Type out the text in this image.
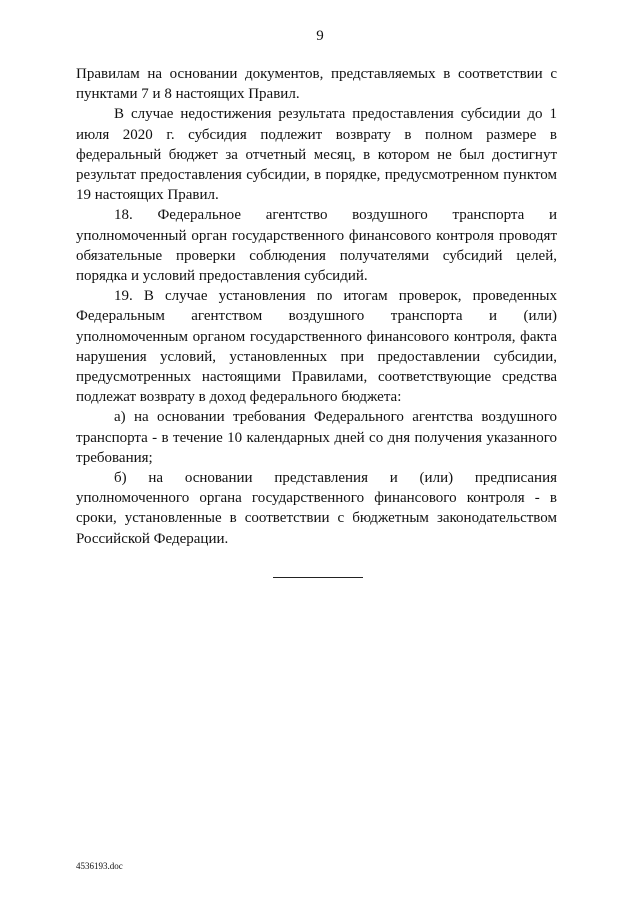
9

Правилам на основании документов, представляемых в соответствии с пунктами 7 и 8 настоящих Правил.

В случае недостижения результата предоставления субсидии до 1 июля 2020 г. субсидия подлежит возврату в полном размере в федеральный бюджет за отчетный месяц, в котором не был достигнут результат предоставления субсидии, в порядке, предусмотренном пунктом 19 настоящих Правил.

18. Федеральное агентство воздушного транспорта и уполномоченный орган государственного финансового контроля проводят обязательные проверки соблюдения получателями субсидий целей, порядка и условий предоставления субсидий.

19. В случае установления по итогам проверок, проведенных Федеральным агентством воздушного транспорта и (или) уполномоченным органом государственного финансового контроля, факта нарушения условий, установленных при предоставлении субсидии, предусмотренных настоящими Правилами, соответствующие средства подлежат возврату в доход федерального бюджета:

а) на основании требования Федерального агентства воздушного транспорта - в течение 10 календарных дней со дня получения указанного требования;

б) на основании представления и (или) предписания уполномоченного органа государственного финансового контроля - в сроки, установленные в соответствии с бюджетным законодательством Российской Федерации.

4536193.doc
